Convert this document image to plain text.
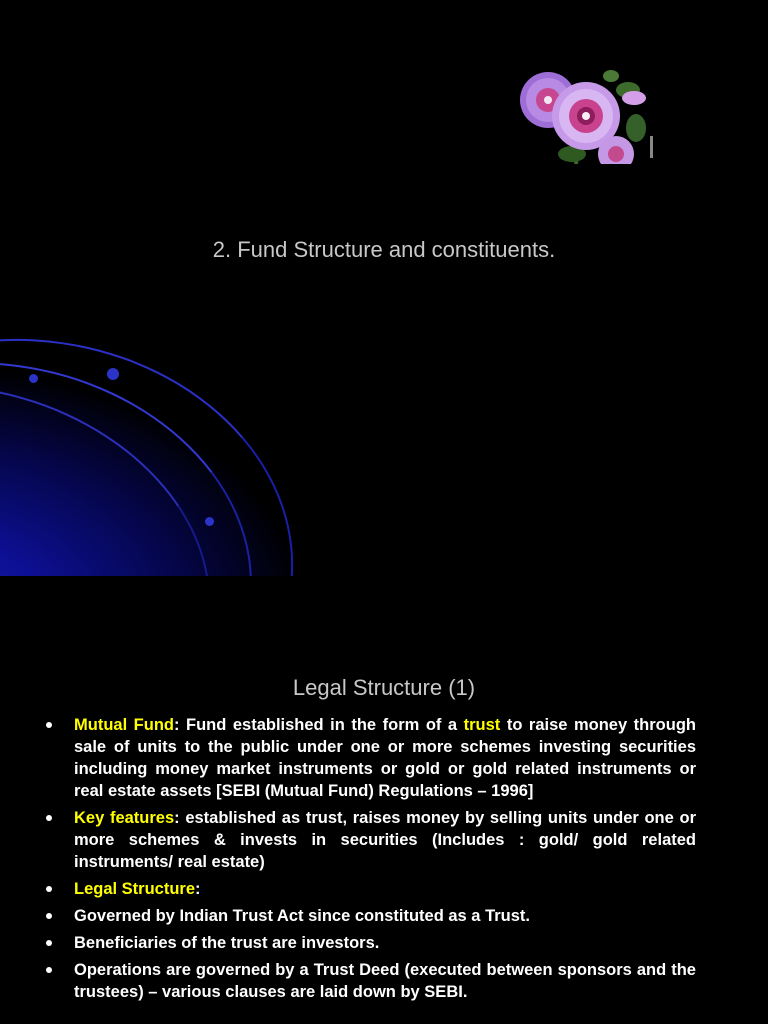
2. Fund Structure and constituents.
Legal Structure (1)
Mutual Fund: Fund established in the form of a trust to raise money through sale of units to the public under one or more schemes investing securities including money market instruments or gold or gold related instruments or real estate assets [SEBI (Mutual Fund) Regulations – 1996]
Key features: established as trust, raises money by selling units under one or more schemes & invests in securities (Includes : gold/ gold related instruments/ real estate)
Legal Structure:
Governed by Indian Trust Act since constituted as a Trust.
Beneficiaries of the trust are investors.
Operations are governed by a Trust Deed (executed between sponsors and the trustees) – various clauses are laid down by SEBI.
